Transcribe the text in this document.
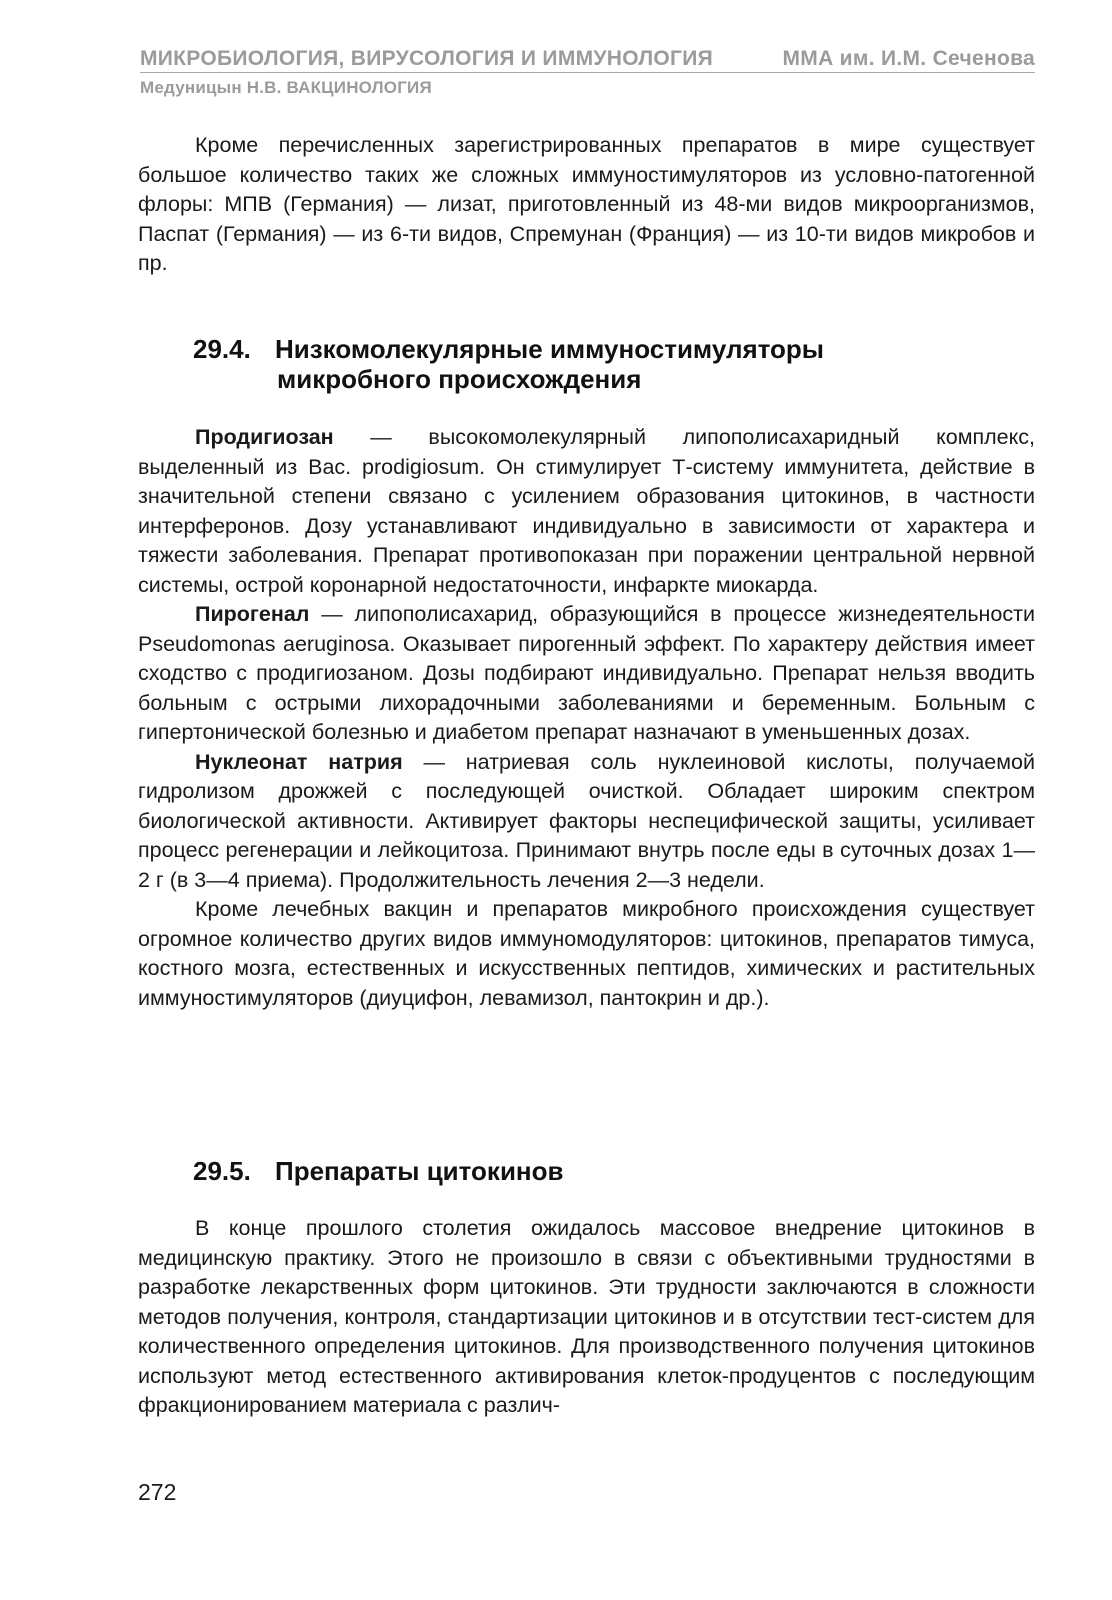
МИКРОБИОЛОГИЯ, ВИРУСОЛОГИЯ И ИММУНОЛОГИЯ	ММА им. И.М. Сеченова
Медуницын Н.В. ВАКЦИНОЛОГИЯ

Кроме перечисленных зарегистрированных препаратов в мире существует большое количество таких же сложных иммуностимуляторов из условно-патогенной флоры: МПВ (Германия) — лизат, приготовленный из 48-ми видов микроорганизмов, Паспат (Германия) — из 6-ти видов, Спремунан (Франция) — из 10-ти видов микробов и пр.

29.4. Низкомолекулярные иммуностимуляторы
микробного происхождения

Продигиозан — высокомолекулярный липополисахаридный комплекс, выделенный из Bac. prodigiosum. Он стимулирует Т-систему иммунитета, действие в значительной степени связано с усилением образования цитокинов, в частности интерферонов. Дозу устанавливают индивидуально в зависимости от характера и тяжести заболевания. Препарат противопоказан при поражении центральной нервной системы, острой коронарной недостаточности, инфаркте миокарда.

Пирогенал — липополисахарид, образующийся в процессе жизнедеятельности Pseudomonas aeruginosa. Оказывает пирогенный эффект. По характеру действия имеет сходство с продигиозаном. Дозы подбирают индивидуально. Препарат нельзя вводить больным с острыми лихорадочными заболеваниями и беременным. Больным с гипертонической болезнью и диабетом препарат назначают в уменьшенных дозах.

Нуклеонат натрия — натриевая соль нуклеиновой кислоты, получаемой гидролизом дрожжей с последующей очисткой. Обладает широким спектром биологической активности. Активирует факторы неспецифической защиты, усиливает процесс регенерации и лейкоцитоза. Принимают внутрь после еды в суточных дозах 1—2 г (в 3—4 приема). Продолжительность лечения 2—3 недели.

Кроме лечебных вакцин и препаратов микробного происхождения существует огромное количество других видов иммуномодуляторов: цитокинов, препаратов тимуса, костного мозга, естественных и искусственных пептидов, химических и растительных иммуностимуляторов (диуцифон, левамизол, пантокрин и др.).

29.5. Препараты цитокинов

В конце прошлого столетия ожидалось массовое внедрение цитокинов в медицинскую практику. Этого не произошло в связи с объективными трудностями в разработке лекарственных форм цитокинов. Эти трудности заключаются в сложности методов получения, контроля, стандартизации цитокинов и в отсутствии тест-систем для количественного определения цитокинов. Для производственного получения цитокинов используют метод естественного активирования клеток-продуцентов с последующим фракционированием материала с различ-

272
